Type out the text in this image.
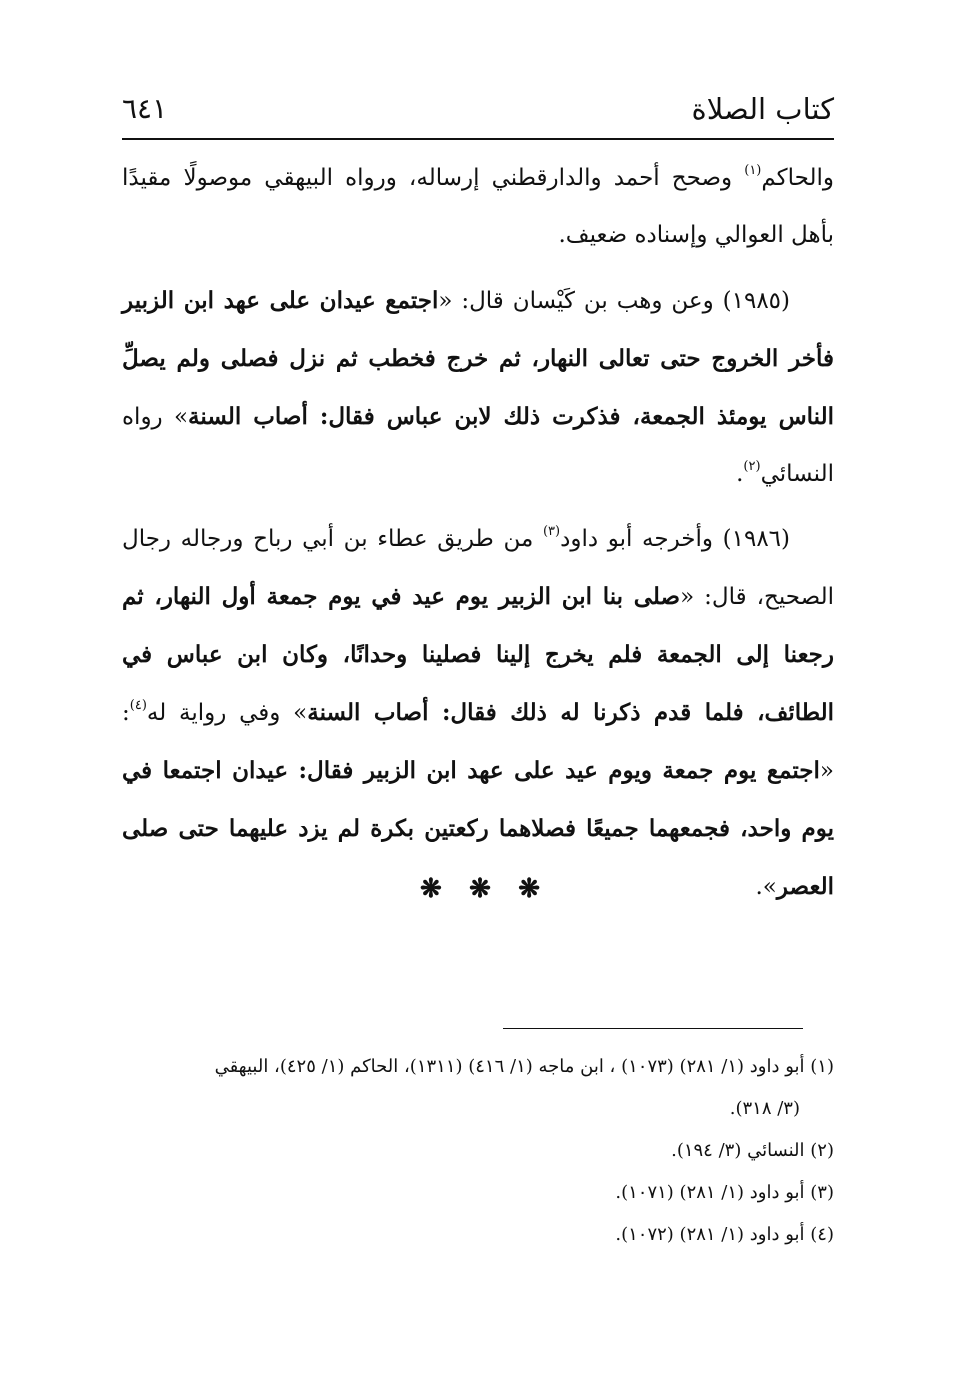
كتاب الصلاة
٦٤١

والحاكم$^{(١)}$ وصحح أحمد والدارقطني إرساله، ورواه البيهقي موصولًا مقيدًا بأهل العوالي وإسناده ضعيف.

(١٩٨٥) وعن وهب بن كَيْسان قال: «اجتمع عيدان على عهد ابن الزبير فأخر الخروج حتى تعالى النهار، ثم خرج فخطب ثم نزل فصلى ولم يصلِّ الناس يومئذ الجمعة، فذكرت ذلك لابن عباس فقال: أصاب السنة» رواه النسائي$^{(٢)}$.

(١٩٨٦) وأخرجه أبو داود$^{(٣)}$ من طريق عطاء بن أبي رباح ورجاله رجال الصحيح، قال: «صلى بنا ابن الزبير يوم عيد في يوم جمعة أول النهار، ثم رجعنا إلى الجمعة فلم يخرج إلينا فصلينا وحدانًا، وكان ابن عباس في الطائف، فلما قدم ذكرنا له ذلك فقال: أصاب السنة» وفي رواية له$^{(٤)}$: «اجتمع يوم جمعة ويوم عيد على عهد ابن الزبير فقال: عيدان اجتمعا في يوم واحد، فجمعهما جميعًا فصلاهما ركعتين بكرة لم يزد عليهما حتى صلى العصر».

❋ ❋ ❋

(١) أبو داود (١/ ٢٨١) (١٠٧٣) ، ابن ماجه (١/ ٤١٦) (١٣١١)، الحاكم (١/ ٤٢٥)، البيهقي

(٣/ ٣١٨).

(٢) النسائي (٣/ ١٩٤).

(٣) أبو داود (١/ ٢٨١) (١٠٧١).

(٤) أبو داود (١/ ٢٨١) (١٠٧٢).
